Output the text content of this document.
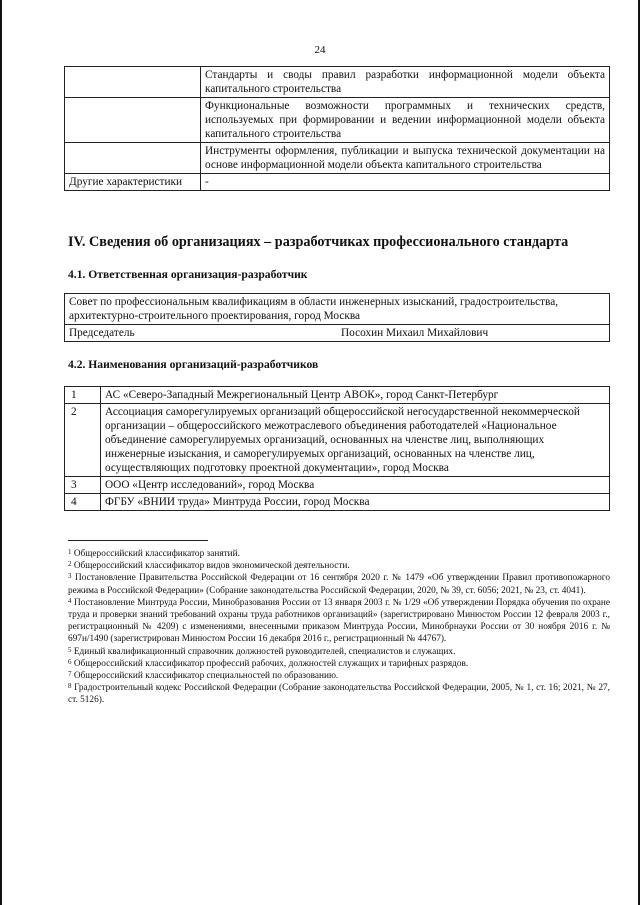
24
	Стандарты и своды правил разработки информационной модели объекта капитального строительства
	Функциональные возможности программных и технических средств, используемых при формировании и ведении информационной модели объекта капитального строительства
	Инструменты оформления, публикации и выпуска технической документации на основе информационной модели объекта капитального строительства
Другие характеристики	-
IV. Сведения об организациях – разработчиках профессионального стандарта
4.1. Ответственная организация-разработчик
Совет по профессиональным квалификациям в области инженерных изысканий, градостроительства, архитектурно-строительного проектирования, город Москва

Председатель	Посохин Михаил Михайлович
4.2. Наименования организаций-разработчиков
1	АС «Северо-Западный Межрегиональный Центр АВОК», город Санкт-Петербург
2	Ассоциация саморегулируемых организаций общероссийской негосударственной некоммерческой организации – общероссийского межотраслевого объединения работодателей «Национальное объединение саморегулируемых организаций, основанных на членстве лиц, выполняющих инженерные изыскания, и саморегулируемых организаций, основанных на членстве лиц, осуществляющих подготовку проектной документации», город Москва
3	ООО «Центр исследований», город Москва
4	ФГБУ «ВНИИ труда» Минтруда России, город Москва

$^1$ Общероссийский классификатор занятий.

$^2$ Общероссийский классификатор видов экономической деятельности.

$^3$ Постановление Правительства Российской Федерации от 16 сентября 2020 г. № 1479 «Об утверждении Правил противопожарного режима в Российской Федерации» (Собрание законодательства Российской Федерации, 2020, № 39, ст. 6056; 2021, № 23, ст. 4041).

$^4$ Постановление Минтруда России, Минобразования России от 13 января 2003 г. № 1/29 «Об утверждении Порядка обучения по охране труда и проверки знаний требований охраны труда работников организаций» (зарегистрировано Минюстом России 12 февраля 2003 г., регистрационный № 4209) с изменениями, внесенными приказом Минтруда России, Минобрнауки России от 30 ноября 2016 г. № 697н/1490 (зарегистрирован Минюстом России 16 декабря 2016 г., регистрационный № 44767).

$^5$ Единый квалификационный справочник должностей руководителей, специалистов и служащих.

$^6$ Общероссийский классификатор профессий рабочих, должностей служащих и тарифных разрядов.

$^7$ Общероссийский классификатор специальностей по образованию.

$^8$ Градостроительный кодекс Российской Федерации (Собрание законодательства Российской Федерации, 2005, № 1, ст. 16; 2021, № 27, ст. 5126).
